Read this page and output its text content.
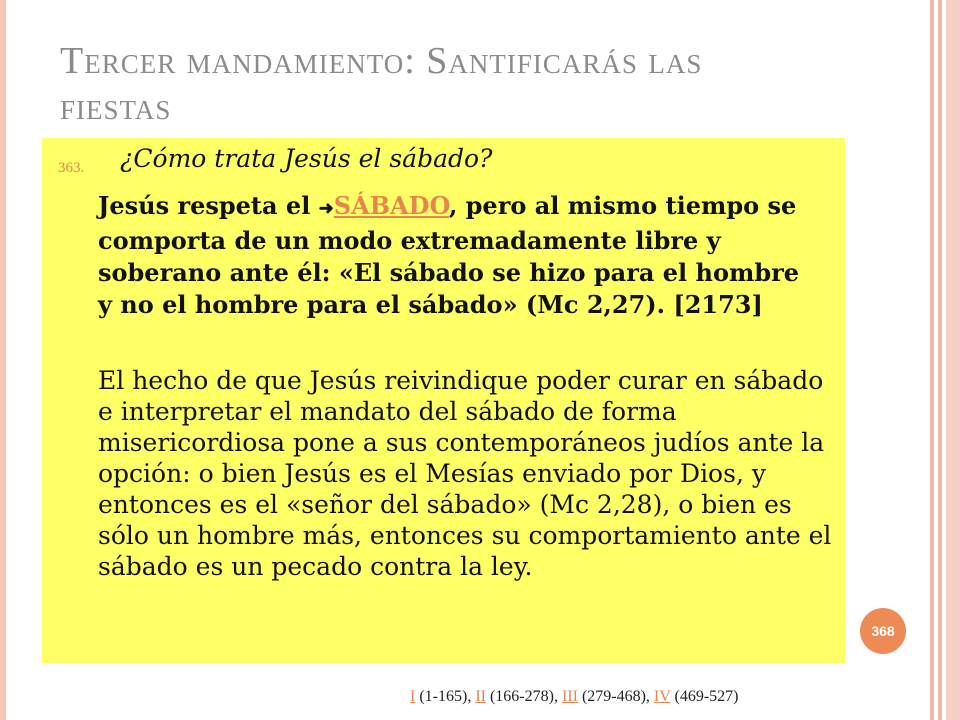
Tercer mandamiento: Santificarás las fiestas
363. ¿Cómo trata Jesús el sábado?
Jesús respeta el ➜SÁBADO, pero al mismo tiempo se comporta de un modo extremadamente libre y soberano ante él: «El sábado se hizo para el hombre y no el hombre para el sábado» (Mc 2,27). [2173]
El hecho de que Jesús reivindique poder curar en sábado e interpretar el mandato del sábado de forma misericordiosa pone a sus contemporáneos judíos ante la opción: o bien Jesús es el Mesías enviado por Dios, y entonces es el «señor del sábado» (Mc 2,28), o bien es sólo un hombre más, entonces su comportamiento ante el sábado es un pecado contra la ley.
368
I (1-165), II (166-278), III (279-468), IV (469-527)
